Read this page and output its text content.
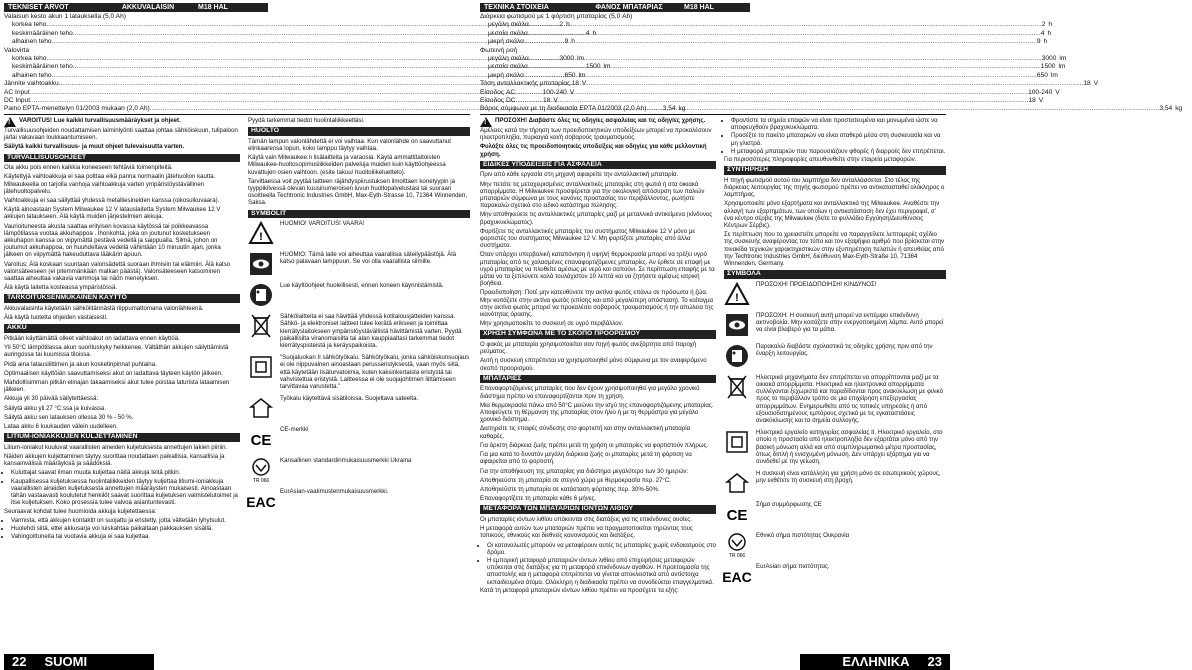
TEKNISET ARVOT	AKKUVALAISIN	M18 HAL
Valaisun kesto akun 1 latauksella (5,0 Ah)
korkea teho .....	2 h
keskimääräinen teho .....	4 h
alhainen teho .....	9 h
Valovirta
korkea teho .....	3000 lm
keskimääräinen teho .....	1500 lm
alhainen teho .....	650 lm
Jännite vaihtoakku .....	18 V
AC Input .....	100-240 V
DC Input .....	18 V
Paino EPTA-menettelyn 01/2003 mukaan (2,0 Ah) .....	3,54 kg
!
VAROITUS! Lue kaikki turvallisuusmääräykset ja ohjeet.

Turvallisuusohjeiden noudattamisen laiminlyönti saattaa johtaa sähköiskuun, tulipaloon ja/tai vakavaan loukkaantumiseen.

Säilytä kaikki turvallisuus- ja muut ohjeet tulevaisuutta varten.

TURVALLISUUSOHJEET

Ota akku pois ennen kaikkia koneeseen tehtäviä toimenpiteitä.

Käytettyjä vaihtoakkuja ei saa polttaa eikä panna normaalin jätehuollon kautta. Milwaukeella on tarjolla vanhoja vaihtoakkuja varten ympäristöystävällinen jätehuoltopalvelu.

Vaihtoakkuja ei saa säilyttää yhdessä metalliesineiden kanssa (oikosulkuvaara).

Käytä ainoastaan System Milwaukee 12 V latauslaitetta System Milwaukee 12 V akkujen lataukseen. Älä käytä muiden järjestelmien akkuja.

Vaurioituneesta akusta saattaa erityisen kovassa käytössä tai poikkeavassa lämpötilassa vuotaa akkuhappoa . Ihonkohta, joka on joutunut kosketukseen akkuhapon kanssa on viipymättä pestävä vedellä ja saippualla. Silmä, johon on joutumut akkuhappoa, on huuhdeltava vedellä vähintään 10 minuutin ajan, jonka jälkeen on viipymättä hakeuduttava lääkärin apuun.

Varoitus: Älä koskaan suuntaan valonsädettä suoraan ihmisiin tai eläimiin. Älä katso valonsäteeseen (ei pitemmänkään matkan päästä). Valonsäteeseen katsominen saattaa aiheuttaa vakavia vammoja tai näön menetyksen.

Älä käytä laitetta kosteassa ympäristössä.

TARKOITUKSENMUKAINEN KÄYTTÖ

Akkuvalaisinta käytetään sähkölitännästä riippumattomana valonlähteenä.

Älä käytä tuotetta ohjeiden vastaisesti.

AKKU

Pitkään käyttämättä olleet vaihtoakut on ladattava ennen käyttöä.

Yli 50°C lämpötilassa akun suorituskyky heikkenee. Vältäthän akkujen säilyttämistä auringossa tai kuumissa tiloissa.

Pidä aina latausliittimen ja akun kosketinpinnat puhtaina.

Optimaalisen käyttöiän saavuttamiseksi akut on ladattava täyteen käytön jälkeen.

Mahdollisimman pitkän elinajan takaamiseksi akut tulee poistaa laturista lataamisen jälkeen.

Akkuja yli 30 päivää säilytettäessä:

Säilytä akku yli 27 °C:ssa ja kuivassa.

Säilytä akku sen latauksen ollessa 30 % - 50 %.

Lataa akku 6 kuukauden välein uudelleen.

LITIUM-IONIAKKUJEN KULJETTAMINEN

Litium-ioniakut kuuluvat vaarallisten aineiden kuljetuksesta annettujen lakien piiriin.

Näiden akkujen kuljettaminen täytyy suorittaa noudattaen paikallisia, kansallisia ja kansainvälisiä määräyksiä ja säädöksiä.

• Kuluttajat saavat ilman muuta kuljettaa näitä akkuja teitä pitkin.
• Kaupallisessa kuljetuksessa huolintaliikkeiden täytyy kuljettaa litiumi-ioniakkuja vaarallisten aineiden kuljetuksesta annettujen määräysten mukaisesti. Ainoastaan tähän vastaavasti koulutetut henkilöt saavat suorittaa kuljetuksen valmistelutoimet ja itse kuljetuksen. Koko prosessia tulee valvoa asiantuntevasti.

Seuraavat kohdat tulee huomioida akkuja kuljetettaessa:

• Varmista, että akkujen kontaktit on suojattu ja eristetty, jotta vältetään lyhytsulut.
• Huolehdi siitä, ettei akkusarja voi luiskahtaa paikaltaan pakkauksen sisällä.
• Vahingoittuneita tai vuotavia akkuja ei saa kuljettaa.

Pyydä tarkemmat tiedot huolintaliikkeeltäsi.

HUOLTO

Tämän lampun valonlähdettä ei voi vaihtaa. Kun valonlähde on saavuttanut elinkaarensa lopun, koko lamppu täytyy vaihtaa.

Käytä vain Milwaukee:n lisälaitteita ja varaosia. Käytä ammattitaitoisten Milwaukee-huoltosopimusliikkeiden palveluja muiden kuin käyttöohjeessa kuvattujen osien vaihtoon. (esite takuu/ huoltoliikeluettelo).

Tarvittaessa voit pyytää laitteen räjähdyspiirustuksen ilmoittaen konetyypin ja tyyppikilvessä olevan kuusinumeroisen luvun huoltopalvelustasi tai suoraan osoitteella Techtronic Industries GmbH, Max-Eyth-Strasse 10, 71364 Winnenden, Saksa.

SYMBOLIT
!
HUOMIO! VAROITUS! VAARA!
HUOMIO: Tämä laite voi aiheuttaa vaarallisia säteilypäästöjä. Älä katso palavaan lamppuun. Se voi olla vaarallista silmille.
Lue käyttöohjeet huolellisesti, ennen koneen käynnistämistä.
Sähkölaitteita ei saa hävittää yhdessä kotitalousjätteiden kanssa. Sähkö- ja elektroniset laitteet tulee kerätä erikseen ja toimittaa kierrätyslaitokseen ympäristöystävällistä hävittämistä varten. Pyydä paikallisilta viranomaisilta tai alan kauppiaaltasi tarkemmat tiedot kierrätyspisteistä ja keräyspaikoista.
"Suojaluokan II sähkötyökalu. Sähkötyökalu, jonka sähköiskunsuojaus ei ole riippuvainen ainoastaan perusseristyksestä, vaan myös siitä, että käytetään lisäturvatoimia, kuten kaksinkertaista eristystä tai vahvistettua eristystä. Laitteessa ei ole suojajohtimen liittämiseen tarvittavaa varustetta."
Työkalu käytettävä sisätiloissa. Suojeltava sateelta.
CE
CE-merkki
TR 066
Kansallinen standardinmukaisuusmerkki Ukraina
EAC
EurAsian-vaatimustenmukaisuusmerkki.
22 SUOMI
ΤΕΧΝΙΚΑ ΣΤΟΙΧΕΙΑ	ΦΑΝΟΣ ΜΠΑΤΑΡΙΑΣ	M18 HAL
Διάρκεια φωτισμού με 1 φόρτιση μπαταρίας (5,0 Ah)
μεγάλη σκάλα .....	2 h
μεσαία σκάλα .....	4 h
μικρή σκάλα .....	9 h
Φωτεινή ροή
μεγάλη σκάλα .....	3000 lm
μεσαία σκάλα .....	1500 lm
μικρή σκάλα .....	650 lm
Τάση ανταλλακτικής μπαταρίας .....	18 V
Είσοδος AC .....	100-240 V
Είσοδος DC .....	18 V
Βάρος σύμφωνα με τη διαδικασία EPTA 01/2003 (2,0 Ah) .....	3,54 kg
!
ΠΡΟΣΟΧΗ! Διαβάστε όλες τις οδηγίες ασφαλείας και τις οδηγίες χρήσης.

Αμέλειες κατά την τήρηση των προειδοποιητικών υποδείξεων μπορεί να προκαλέσουν ηλεκτροπληξία, πυρκαγιά και/ή σοβαρούς τραυματισμούς.

Φυλάξτε όλες τις προειδοποιητικές υποδείξεις και οδηγίες για κάθε μελλοντική χρήση.

ΕΙΔΙΚΕΣ ΥΠΟΔΕΙΞΕΙΣ ΓΙΑ ΑΣΦΑΛΕΙΑ

Πριν από κάθε εργασία στη μηχανή αφαιρείτε την ανταλλακτική μπαταρία.

Μην πετάτε τις μεταχειρισμένες ανταλλακτικές μπαταρίες στη φωτιά ή στα οικιακά απορρίμματα. Η Milwaukee προσφέρεται για την οικολογική απόσυρση των παλιών μπαταριών σύμφωνα με τους κανόνες προστασίας του περιβάλλοντος, ρωτήστε παρακαλώ σχετικά στο ειδικό κατάστημα πώλησης.

Μην αποθηκεύετε τις ανταλλακτικές μπαταρίες μαζί με μεταλλικά αντικείμενα (κίνδυνος βραχυκυκλώματος).

Φορτίζετε τις ανταλλακτικές μπαταρίες του συστήματος Milwaukee 12 V μόνο με φορτιστές του συστήματος Milwaukee 12 V. Μη φορτίζετε μπαταρίες από άλλα συστήματα.

Όταν υπάρχει υπερβολική καταπόνηση ή υψηλή θερμοκρασία μπορεί να τρέξει υγρό μπαταρίας από τις χαλασμένες επαναφορτιζόμενες μπαταρίες. Αν έρθετε σε επαφή με υγρό μπαταρίας να πλυθείτε αμέσως με νερό και σαπούνι. Σε περίπτωση επαφής με τα μάτια να τα ξεπλύνετε καλά τουλάχιστον 10 λεπτά και να ζητήσετε αμέσως ιατρική βοήθεια.

Προειδοποίηση: Ποτέ μην κατευθύνετε την ακτίνα φωτός επάνω σε πρόσωπα ή ζώα. Μην κοιτάζετε στην ακτίνα φωτός (επίσης και από μεγαλύτερη απόσταση). Το κοίταγμα στην ακτίνα φωτός μπορεί να προκαλέσει σοβαρούς τραυματισμούς ή την απώλεια της ικανότητας όρασης.

Μην χρησιμοποιείτε το συσκευή σε υγρό περιβάλλον.

ΧΡΗΣΗ ΣΥΜΦΩΝΑ ΜΕ ΤΟ ΣΚΟΠΟ ΠΡΟΟΡΙΣΜΟΥ

Ο φακός με μπαταρία χρησιμοποιείται σαν πηγή φωτός ανεξάρτητα από παροχή ρεύματος.

Αυτή η συσκευή επιτρέπεται να χρησιμοποιηθεί μόνο σύμφωνα με τον αναφερόμενο σκοπό προορισμού.

ΜΠΑΤΑΡΙΕΣ

Επαναφορτιζόμενες μπαταρίες που δεν έχουν χρησιμοποιηθεί για μεγάλο χρονικό διάστημα πρέπει να επαναφορτίζονται πριν τη χρήση.

Μια θερμοκρασία πάνω από 50°C μειώνει την ισχύ της επαναφορτιζόμενης μπαταρίας. Αποφεύγετε τη θέρμανση της μπαταρίας στον ήλιο ή με τη θερμάστρα για μεγάλο χρονικό διάστημα.

Διατηρείτε τις επαφές σύνδεσης στο φορτιστή και στην ανταλλακτική μπαταρία καθαρές.

Για άριστη διάρκεια ζωής πρέπει μετά τη χρήση οι μπαταρίες να φορτιστούν πλήρως.

Για μια κατά το δυνατόν μεγάλη διάρκεια ζωής οι μπαταρίες μετά τη φόρτιση να αφαιρείται από το φορτιστή.

Για την αποθήκευση της μπαταρίας για διάστημα μεγαλύτερο των 30 ημερών:

Αποθηκεύστε τη μπαταρία σε στεγνό χώρο με θερμοκρασία περ. 27°C.

Αποθηκεύστε τη μπαταρία σε κατάσταση φόρτισης περ. 30%-50%.

Επαναφορτίζετε τη μπαταρία κάθε 6 μήνες.

ΜΕΤΑΦΟΡΑ ΤΩΝ ΜΠΑΤΑΡΙΩΝ ΙΟΝΤΩΝ ΛΙΘΙΟΥ

Οι μπαταρίες ιόντων λιθίου υπόκεινται στις διατάξεις για τις επικίνδυνες ουσίες.

Η μεταφορά αυτών των μπαταριών πρέπει να πραγματοποιείται τηρώντας τους τοπικούς, εθνικούς και διεθνείς κανονισμούς και διατάξεις.

• Οι καταναλωτές μπορούν να μεταφέρουν αυτές τις μπαταρίες χωρίς ενδοιασμούς στο δρόμο.
• Η εμπορική μεταφορά μπαταριών ιόντων λιθίου από επιχειρήσεις μεταφορών υπόκειται στις διατάξεις για τη μεταφορά επικίνδυνων αγαθών. Η προετοιμασία της αποστολής και η μεταφορά επιτρέπεται να γίνεται αποκλειστικά από αντίστοιχα εκπαιδευμένα άτομα. Ολόκληρη η διαδικασία πρέπει να συνοδεύεται επαγγελματικά.

Κατά τη μεταφορά μπαταριών ιόντων λιθίου πρέπει να προσέχετε τα εξής:

• Φροντίστε τα σημεία επαφών να είναι προστατευμένα και μονωμένα ώστε να αποφευχθούν βραχυκυκλώματα.
• Προσέξτε το πακέτο μπαταριών να είναι σταθερό μέσα στη συσκευασία και να μη γλιστρά.
• Η μεταφορά μπαταριών που παρουσιάζουν φθορές ή διαρροές δεν επιτρέπεται.

Για περισσότερες πληροφορίες απευθυνθείτε στην εταιρεία μεταφορών.

ΣΥΝΤΗΡΗΣΗ

Η πηγή φωτισμού αυτού του λαμπτήρα δεν ανταλλάσσεται. Στο τέλος της διάρκειας λειτουργίας της πηγής φωτισμού πρέπει να αντικατασταθεί ολόκληρος ο λαμπτήρας.

Χρησιμοποιείτε μόνο εξαρτήματα και ανταλλακτικά της Milwaukee. Αναθέστε την αλλαγή των εξαρτημάτων, των οποίων η αντικατάσταση δεν έχει περιγραφεί, σ' ένα κέντρο σέρβις της Milwaukee (δείτε το φυλλάδιο Εγγύηση/Διευθύνσεις Κέντρων Σέρβις).

Σε περίπτωση που το χρειαστείτε μπορείτε να παραγγείλετε λεπτομερές σχέδιο της συσκευής αναφέροντας τον τύπο και τον εξαψήφιο αριθμό που βρίσκεται στην πινακίδα τεχνικών χαρακτηριστικών στην εξυπηρέτηση πελατών ή απευθείας από την Techtronic Industries GmbH, διεύθυνση Max-Eyth-Straße 10, 71364 Winnenden, Germany.

ΣΥΜΒΟΛΑ
!
ΠΡΟΣΟΧΗ! ΠΡΟΕΙΔΟΠΟΙΗΣΗ! ΚΙΝΔΥΝΟΣ!
ΠΡΟΣΟΧΗ: Η συσκευή αυτή μπορεί να εκπέμψει επικίνδυνη ακτινοβολία. Μην κοιτάζετε στην ενεργοποιημένη λάμπα. Αυτό μπορεί να είναι βλαβερό για τα μάτια.
Παρακαλώ διαβάστε σχολαστικά τις οδηγίες χρήσης πριν από την έναρξη λειτουργίας.
Ηλεκτρικά μηχανήματα δεν επιτρέπεται να απορρίπτονται μαζί με τα οικιακά απορρίμματα. Ηλεκτρικά και ηλεκτρονικά απορρίμματα συλλέγονται ξεχωριστά και παραδίδονται προς ανακύκλωση με φιλικό προς το περιβάλλον τρόπο σε μια επιχείρηση επεξεργασίας απορριμμάτων. Ενημερωθείτε από τις τοπικές υπηρεσίες ή από εξουσιοδοτημένους εμπόρους σχετικά με τις εγκαταστάσεις ανακύκλωσης και τα σημεία συλλογής.
Ηλεκτρικό εργαλείο κατηγορίας ασφαλείας II. Ηλεκτρικό εργαλείο, στο οποίο η προστασία από ηλεκτροπληξία δεν εξαρτάται μόνο από την βασική μόνωση αλλά και από συμπληρωματικά μέτρα προστασίας, όπως διπλή ή ενισχυμένη μόνωση. Δεν υπάρχει εξάρτημα για να συνδεθεί με την γείωση.
Η συσκευή είναι κατάλληλη για χρήση μόνο σε εσωτερικούς χώρους, μην εκθέτετε τη συσκευή στη βροχή.
CE
Σήμα συμμόρφωσης CE
TR 066
Εθνικό σήμα πιστότητας Ουκρανία
EAC
EurAsian σήμα πιστότητας.
ΕΛΛΗΝΙΚΑ 23
